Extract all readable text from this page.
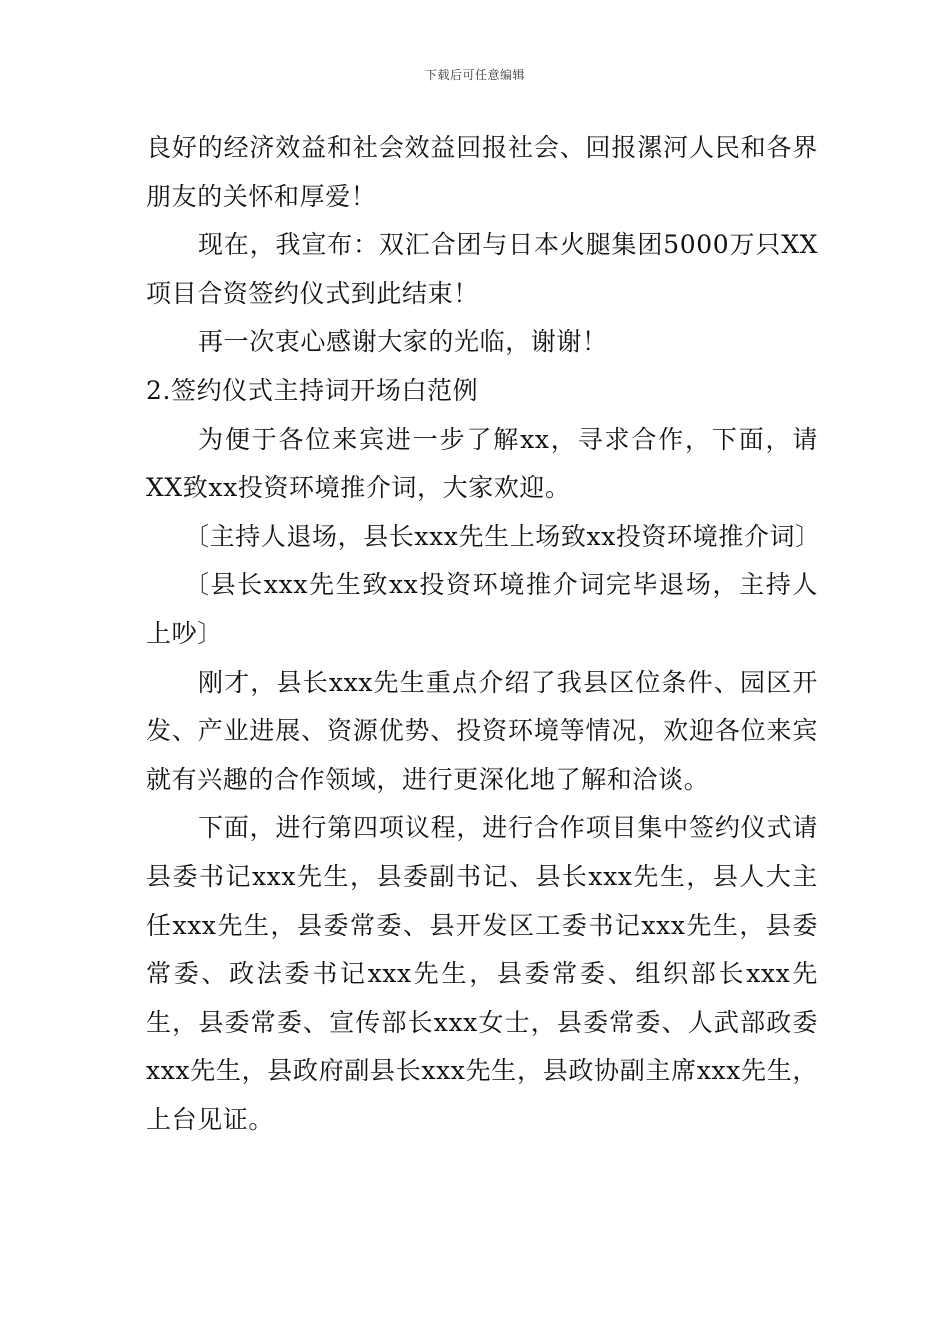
下载后可任意编辑

良好的经济效益和社会效益回报社会、回报漯河人民和各界朋友的关怀和厚爱！

现在，我宣布：双汇合团与日本火腿集团5000万只XX项目合资签约仪式到此结束！

再一次衷心感谢大家的光临，谢谢！

2.签约仪式主持词开场白范例

为便于各位来宾进一步了解xx，寻求合作，下面，请XX致xx投资环境推介词，大家欢迎。

〔主持人退场，县长xxx先生上场致xx投资环境推介词〕

〔县长xxx先生致xx投资环境推介词完毕退场，主持人上吵〕

刚才，县长xxx先生重点介绍了我县区位条件、园区开发、产业进展、资源优势、投资环境等情况，欢迎各位来宾就有兴趣的合作领域，进行更深化地了解和洽谈。

下面，进行第四项议程，进行合作项目集中签约仪式请县委书记xxx先生，县委副书记、县长xxx先生，县人大主任xxx先生，县委常委、县开发区工委书记xxx先生，县委常委、政法委书记xxx先生，县委常委、组织部长xxx先生，县委常委、宣传部长xxx女士，县委常委、人武部政委xxx先生，县政府副县长xxx先生，县政协副主席xxx先生，上台见证。
